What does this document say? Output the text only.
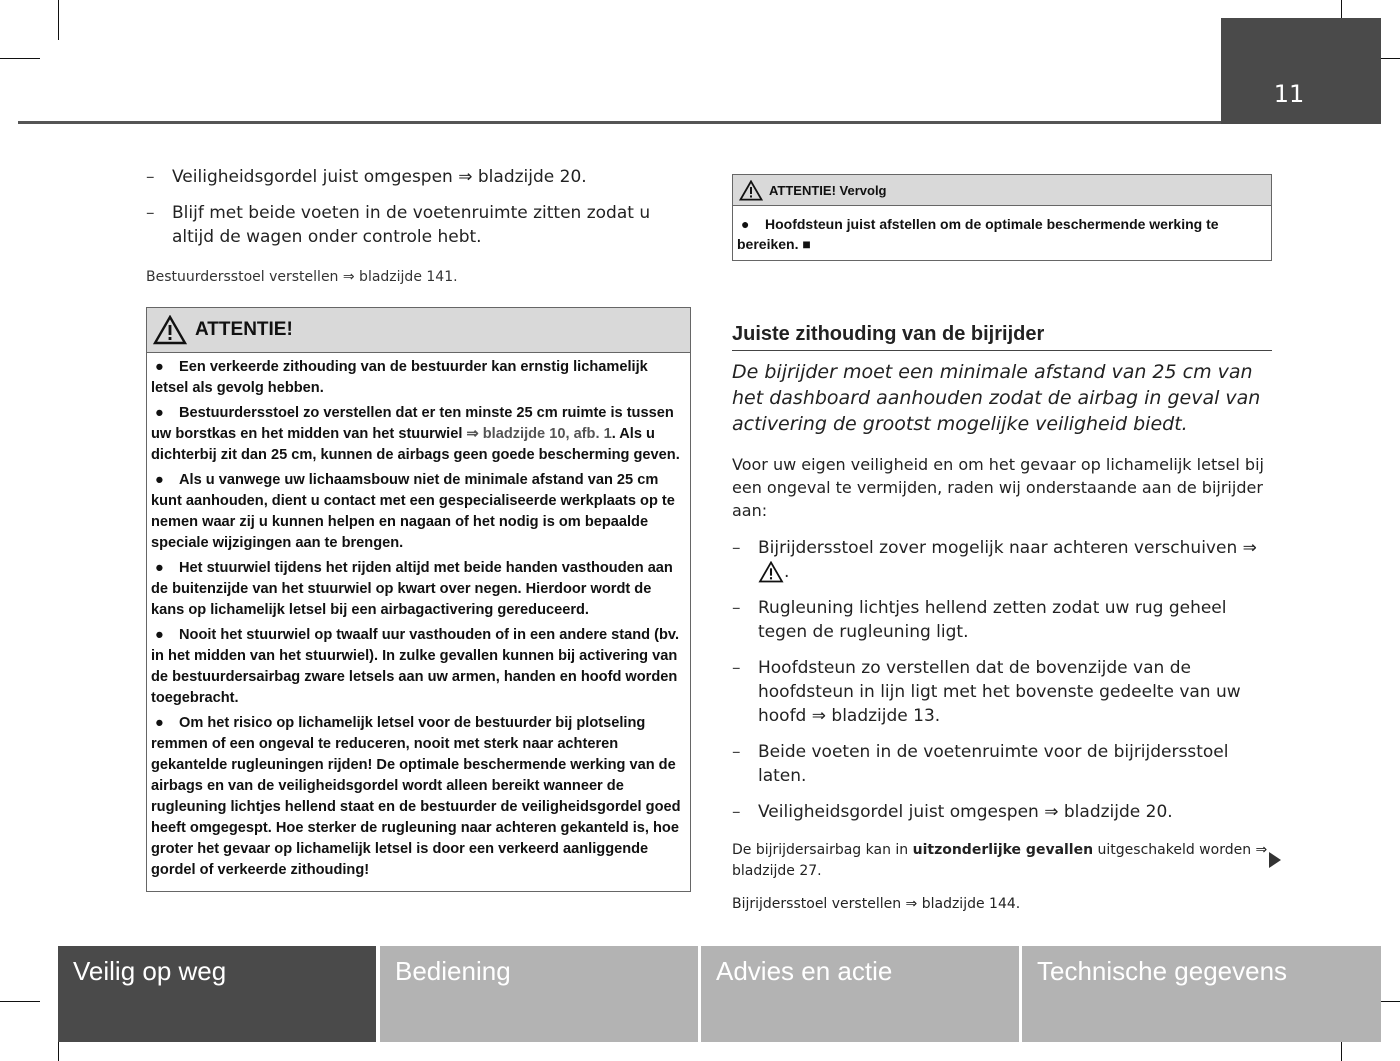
11
– Veiligheidsgordel juist omgespen ⇒ bladzijde 20.
– Blijf met beide voeten in de voetenruimte zitten zodat u altijd de wagen onder controle hebt.
Bestuurdersstoel verstellen ⇒ bladzijde 141.
ATTENTIE!

● Een verkeerde zithouding van de bestuurder kan ernstig lichamelijk letsel als gevolg hebben.

● Bestuurdersstoel zo verstellen dat er ten minste 25 cm ruimte is tussen uw borstkas en het midden van het stuurwiel ⇒ bladzijde 10, afb. 1. Als u dichterbij zit dan 25 cm, kunnen de airbags geen goede bescherming geven.

● Als u vanwege uw lichaamsbouw niet de minimale afstand van 25 cm kunt aanhouden, dient u contact met een gespecialiseerde werkplaats op te nemen waar zij u kunnen helpen en nagaan of het nodig is om bepaalde speciale wijzigingen aan te brengen.

● Het stuurwiel tijdens het rijden altijd met beide handen vasthouden aan de buitenzijde van het stuurwiel op kwart over negen. Hierdoor wordt de kans op lichamelijk letsel bij een airbagactivering gereduceerd.

● Nooit het stuurwiel op twaalf uur vasthouden of in een andere stand (bv. in het midden van het stuurwiel). In zulke gevallen kunnen bij activering van de bestuurdersairbag zware letsels aan uw armen, handen en hoofd worden toegebracht.

● Om het risico op lichamelijk letsel voor de bestuurder bij plotseling remmen of een ongeval te reduceren, nooit met sterk naar achteren gekantelde rugleuningen rijden! De optimale beschermende werking van de airbags en van de veiligheidsgordel wordt alleen bereikt wanneer de rugleuning lichtjes hellend staat en de bestuurder de veiligheidsgordel goed heeft omgegespt. Hoe sterker de rugleuning naar achteren gekanteld is, hoe groter het gevaar op lichamelijk letsel is door een verkeerd aanliggende gordel of verkeerde zithouding!

ATTENTIE! Vervolg

● Hoofdsteun juist afstellen om de optimale beschermende werking te bereiken. ■

Juiste zithouding van de bijrijder

De bijrijder moet een minimale afstand van 25 cm van het dashboard aanhouden zodat de airbag in geval van activering de grootst mogelijke veiligheid biedt.

Voor uw eigen veiligheid en om het gevaar op lichamelijk letsel bij een ongeval te vermijden, raden wij onderstaande aan de bijrijder aan:

– Bijrijdersstoel zover mogelijk naar achteren verschuiven ⇒ .
– Rugleuning lichtjes hellend zetten zodat uw rug geheel tegen de rugleuning ligt.
– Hoofdsteun zo verstellen dat de bovenzijde van de hoofdsteun in lijn ligt met het bovenste gedeelte van uw hoofd ⇒ bladzijde 13.
– Beide voeten in de voetenruimte voor de bijrijdersstoel laten.
– Veiligheidsgordel juist omgespen ⇒ bladzijde 20.

De bijrijdersairbag kan in uitzonderlijke gevallen uitgeschakeld worden ⇒ bladzijde 27.

Bijrijdersstoel verstellen ⇒ bladzijde 144.

Veilig op weg	Bediening	Advies en actie	Technische gegevens
